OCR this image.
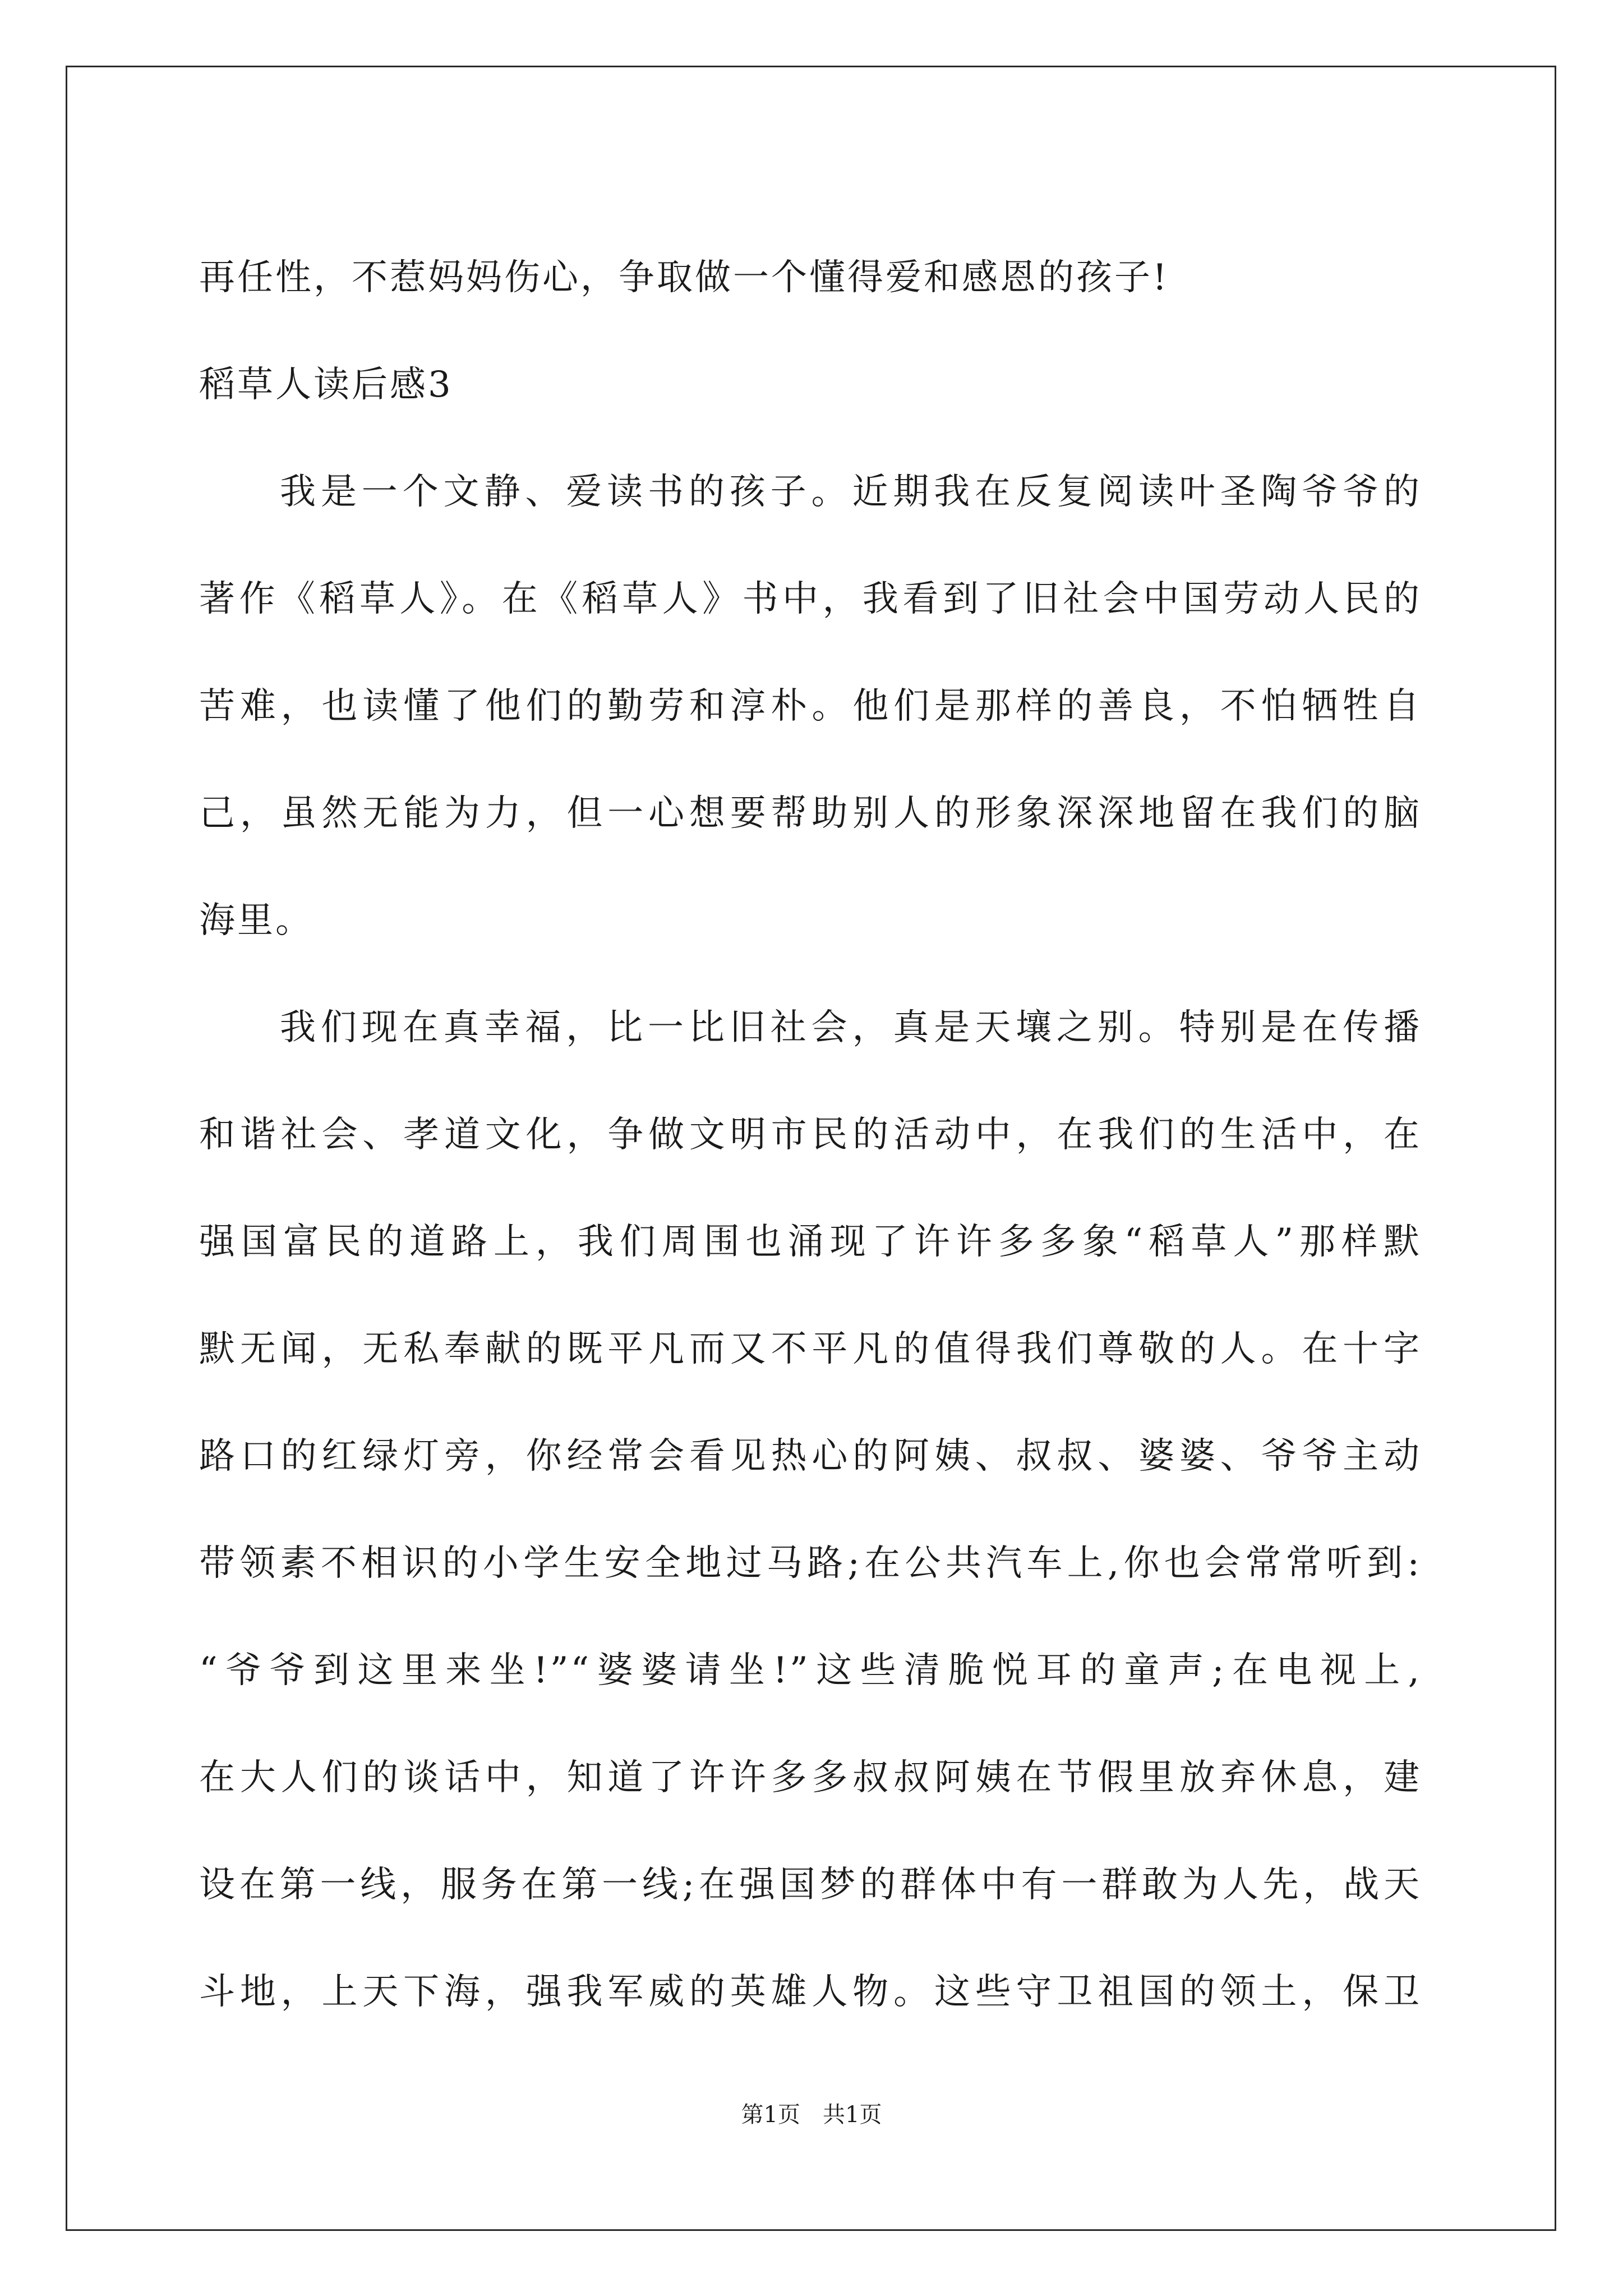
再任性，不惹妈妈伤心，争取做一个懂得爱和感恩的孩子!
稻草人读后感3
我是一个文静、爱读书的孩子。近期我在反复阅读叶圣陶爷爷的
著作《稻草人》。在《稻草人》书中，我看到了旧社会中国劳动人民的
苦难，也读懂了他们的勤劳和淳朴。他们是那样的善良，不怕牺牲自
己，虽然无能为力，但一心想要帮助别人的形象深深地留在我们的脑
海里。
我们现在真幸福，比一比旧社会，真是天壤之别。特别是在传播
和谐社会、孝道文化，争做文明市民的活动中，在我们的生活中，在
强国富民的道路上，我们周围也涌现了许许多多象“稻草人”那样默
默无闻，无私奉献的既平凡而又不平凡的值得我们尊敬的人。在十字
路口的红绿灯旁，你经常会看见热心的阿姨、叔叔、婆婆、爷爷主动
带领素不相识的小学生安全地过马路;在公共汽车上,你也会常常听到:
“爷爷到这里来坐!”“婆婆请坐!”这些清脆悦耳的童声;在电视上,
在大人们的谈话中，知道了许许多多叔叔阿姨在节假里放弃休息，建
设在第一线，服务在第一线;在强国梦的群体中有一群敢为人先，战天
斗地，上天下海，强我军威的英雄人物。这些守卫祖国的领土，保卫
第1页　共1页
